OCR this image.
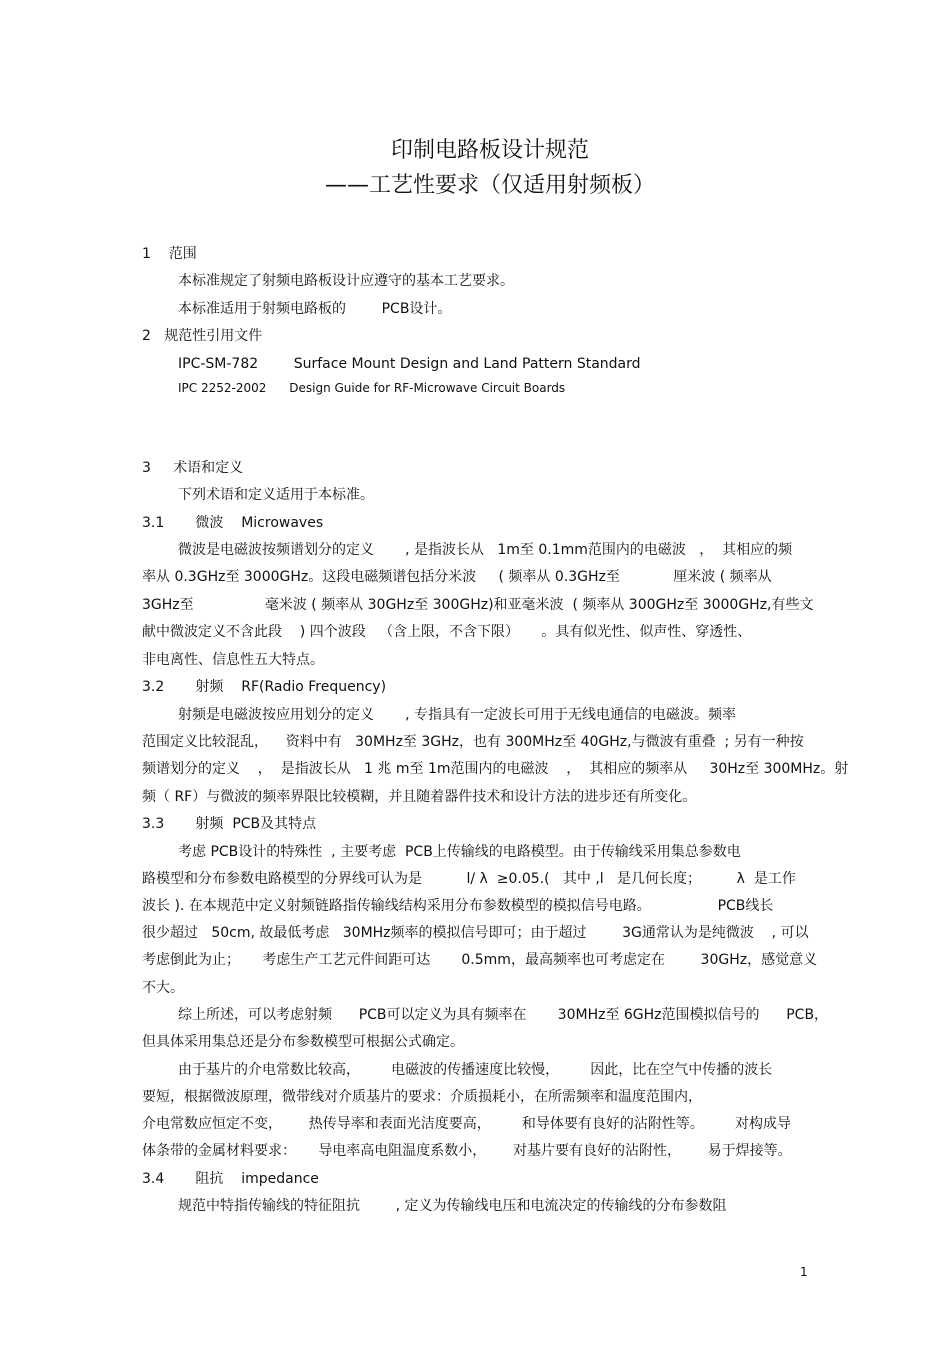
印制电路板设计规范
——工艺性要求（仅适用射频板）
1    范围
本标准规定了射频电路板设计应遵守的基本工艺要求。
本标准适用于射频电路板的        PCB设计。
2   规范性引用文件
IPC-SM-782        Surface Mount Design and Land Pattern Standard
IPC 2252-2002      Design Guide for RF-Microwave Circuit Boards
3     术语和定义
下列术语和定义适用于本标准。
3.1       微波    Microwaves
微波是电磁波按频谱划分的定义       , 是指波长从   1m至 0.1mm范围内的电磁波   ，  其相应的频
率从 0.3GHz至 3000GHz。这段电磁频谱包括分米波     ( 频率从 0.3GHz至            厘米波 ( 频率从
3GHz至                毫米波 ( 频率从 30GHz至 300GHz)和亚毫米波  ( 频率从 300GHz至 3000GHz,有些文
献中微波定义不含此段    ) 四个波段   （含上限，不含下限）     。具有似光性、似声性、穿透性、
非电离性、信息性五大特点。
3.2       射频    RF(Radio Frequency)
射频是电磁波按应用划分的定义       , 专指具有一定波长可用于无线电通信的电磁波。频率
范围定义比较混乱，    资料中有   30MHz至 3GHz，也有 300MHz至 40GHz,与微波有重叠  ; 另有一种按
频谱划分的定义    ，  是指波长从   1 兆 m至 1m范围内的电磁波    ，  其相应的频率从     30Hz至 300MHz。射
频（ RF）与微波的频率界限比较模糊，并且随着器件技术和设计方法的进步还有所变化。
3.3       射频  PCB及其特点
考虑 PCB设计的特殊性  , 主要考虑  PCB上传输线的电路模型。由于传输线采用集总参数电
路模型和分布参数电路模型的分界线可认为是          l/ λ  ≥0.05.(   其中 ,l   是几何长度；        λ  是工作
波长 ). 在本规范中定义射频链路指传输线结构采用分布参数模型的模拟信号电路。               PCB线长
很少超过   50cm, 故最低考虑   30MHz频率的模拟信号即可；由于超过        3G通常认为是纯微波    , 可以
考虑倒此为止；     考虑生产工艺元件间距可达       0.5mm，最高频率也可考虑定在        30GHz，感觉意义
不大。
综上所述，可以考虑射频      PCB可以定义为具有频率在       30MHz至 6GHz范围模拟信号的      PCB，
但具体采用集总还是分布参数模型可根据公式确定。
由于基片的介电常数比较高，       电磁波的传播速度比较慢，       因此，比在空气中传播的波长
要短，根据微波原理，微带线对介质基片的要求：介质损耗小，在所需频率和温度范围内，
介电常数应恒定不变，      热传导率和表面光洁度要高，       和导体要有良好的沾附性等。       对构成导
体条带的金属材料要求：     导电率高电阻温度系数小，      对基片要有良好的沾附性，      易于焊接等。
3.4       阻抗    impedance
规范中特指传输线的特征阻抗        , 定义为传输线电压和电流决定的传输线的分布参数阻
1
